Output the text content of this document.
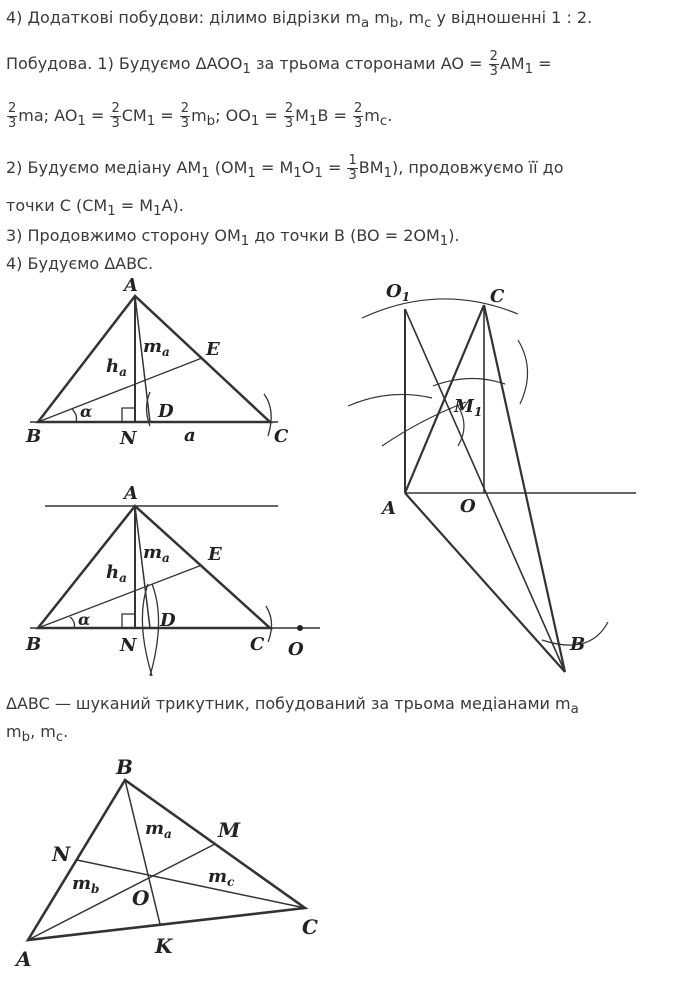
4) Додаткові побудови: ділимо відрізки $m_a$ $m_b$, $m_c$ у відношенні 1 : 2.
Побудова. 1) Будуємо $\Delta AOO_1$ за трьома сторонами AO = $\frac{2}{3} AM_1$ =
$\frac{2}{3}$ ma; $AO_1 = \frac{2}{3} CM_1 = \frac{2}{3} m_b$; $OO_1 = \frac{2}{3} M_1B = \frac{2}{3} m_c$.
2) Будуємо медіану $AM_1$ $(OM_1 = M_1O_1 = \frac{1}{3} BM_1)$, продовжуємо її до
точки C $(CM_1 = M_1A)$.
3) Продовжимо сторону $OM_1$ до точки B $(BO = 2OM_1)$.
4) Будуємо ΔABC.
ΔABC — шуканий трикутник, побудований за трьома медіанами $m_a$
$m_b$, $m_c$.
A
B	C
N
D
E
$m_a$
$h_a$
α
a
A
B	C
N
D
E
O
$m_a$
$h_a$
α
$O_1$	C
$M_1$
A	O
B
B
M
N
O
C
A
K
$m_a$
$m_b$
$m_c$
